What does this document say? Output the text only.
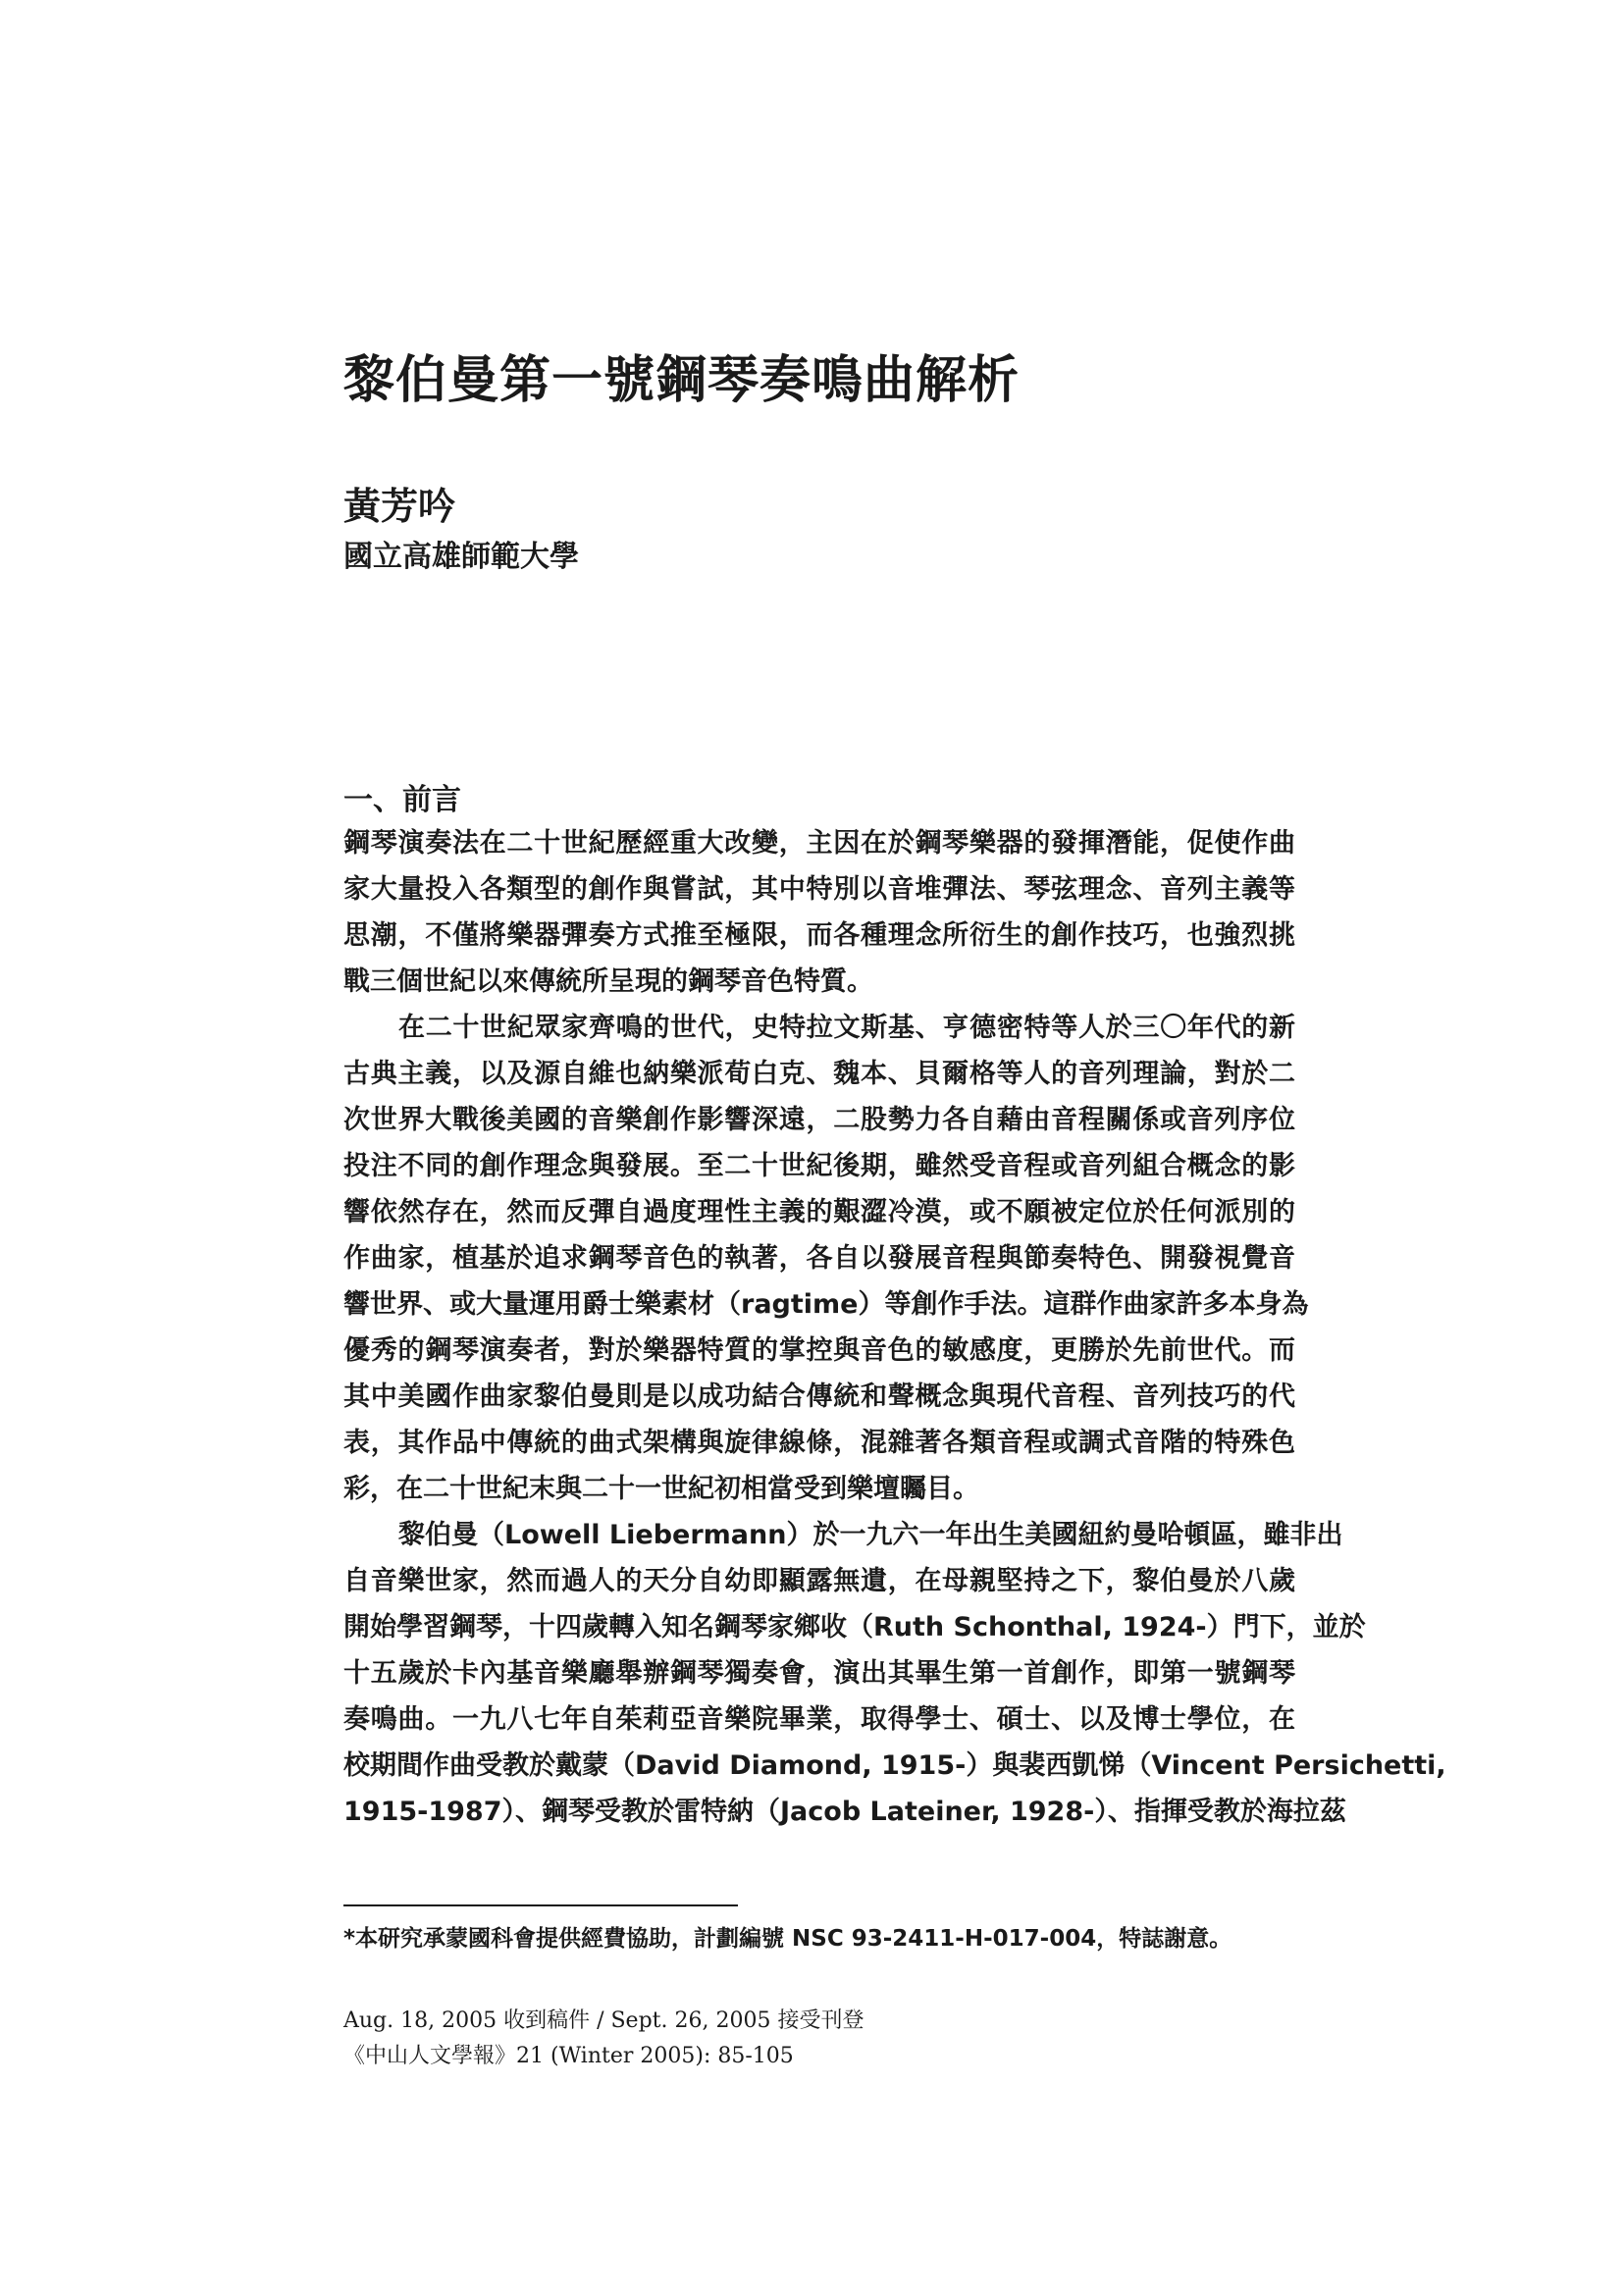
黎伯曼第一號鋼琴奏鳴曲解析
黃芳吟
國立高雄師範大學
一、前言
鋼琴演奏法在二十世紀歷經重大改變，主因在於鋼琴樂器的發揮潛能，促使作曲
家大量投入各類型的創作與嘗試，其中特別以音堆彈法、琴弦理念、音列主義等
思潮，不僅將樂器彈奏方式推至極限，而各種理念所衍生的創作技巧，也強烈挑
戰三個世紀以來傳統所呈現的鋼琴音色特質。
在二十世紀眾家齊鳴的世代，史特拉文斯基、亨德密特等人於三〇年代的新
古典主義，以及源自維也納樂派荀白克、魏本、貝爾格等人的音列理論，對於二
次世界大戰後美國的音樂創作影響深遠，二股勢力各自藉由音程關係或音列序位
投注不同的創作理念與發展。至二十世紀後期，雖然受音程或音列組合概念的影
響依然存在，然而反彈自過度理性主義的艱澀冷漠，或不願被定位於任何派別的
作曲家，植基於追求鋼琴音色的執著，各自以發展音程與節奏特色、開發視覺音
響世界、或大量運用爵士樂素材（ragtime）等創作手法。這群作曲家許多本身為
優秀的鋼琴演奏者，對於樂器特質的掌控與音色的敏感度，更勝於先前世代。而
其中美國作曲家黎伯曼則是以成功結合傳統和聲概念與現代音程、音列技巧的代
表，其作品中傳統的曲式架構與旋律線條，混雜著各類音程或調式音階的特殊色
彩，在二十世紀末與二十一世紀初相當受到樂壇矚目。
黎伯曼（Lowell Liebermann）於一九六一年出生美國紐約曼哈頓區，雖非出
自音樂世家，然而過人的天分自幼即顯露無遺，在母親堅持之下，黎伯曼於八歲
開始學習鋼琴，十四歲轉入知名鋼琴家鄉收（Ruth Schonthal, 1924-）門下，並於
十五歲於卡內基音樂廳舉辦鋼琴獨奏會，演出其畢生第一首創作，即第一號鋼琴
奏鳴曲。一九八七年自茱莉亞音樂院畢業，取得學士、碩士、以及博士學位，在
校期間作曲受教於戴蒙（David Diamond, 1915-）與裴西凱悌（Vincent Persichetti,
1915-1987）、鋼琴受教於雷特納（Jacob Lateiner, 1928-）、指揮受教於海拉茲
*本研究承蒙國科會提供經費協助，計劃編號 NSC 93-2411-H-017-004，特誌謝意。
Aug. 18, 2005 收到稿件 / Sept. 26, 2005 接受刊登
《中山人文學報》21 (Winter 2005): 85-105
